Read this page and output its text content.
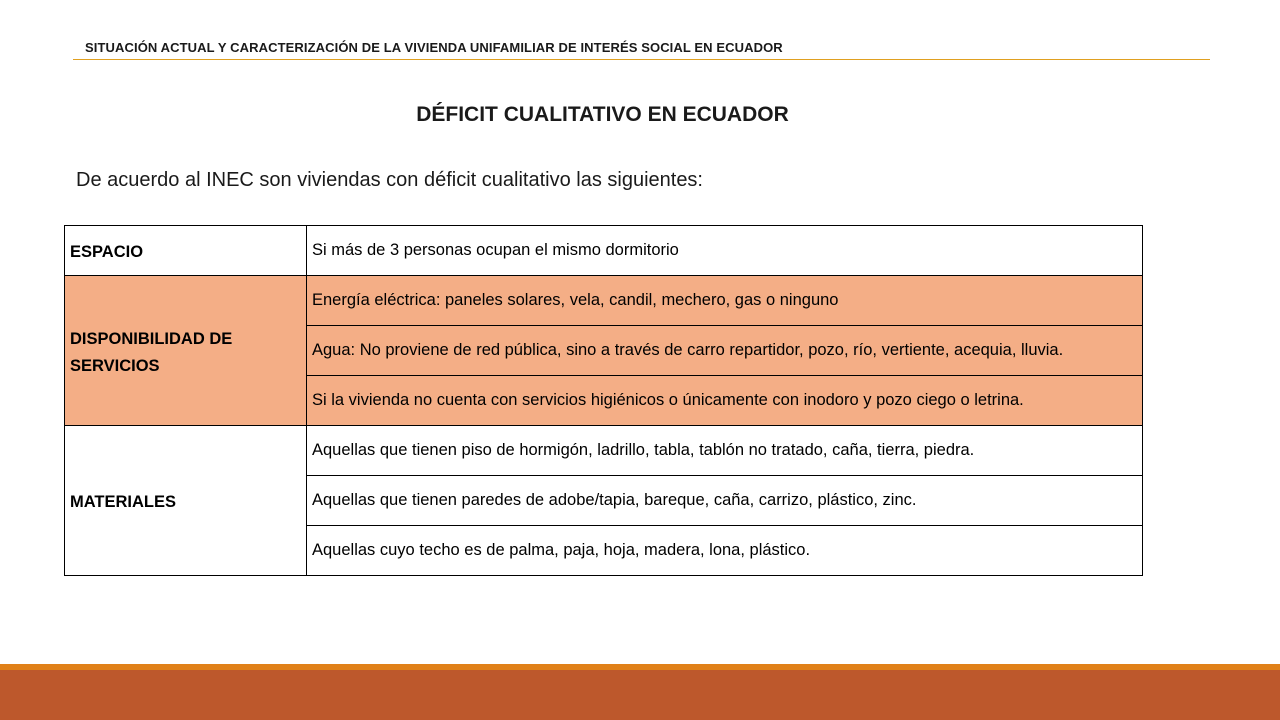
SITUACIÓN ACTUAL Y CARACTERIZACIÓN DE LA VIVIENDA UNIFAMILIAR DE INTERÉS SOCIAL EN ECUADOR
DÉFICIT CUALITATIVO EN ECUADOR
De acuerdo al INEC son viviendas con déficit cualitativo las siguientes:
ESPACIO	Si más de 3 personas ocupan el mismo dormitorio

DISPONIBILIDAD DE SERVICIOS	Energía eléctrica: paneles solares, vela, candil, mechero, gas o ninguno
	Agua: No proviene de red pública, sino a través de carro repartidor, pozo, río, vertiente, acequia, lluvia.
	Si la vivienda no cuenta con servicios higiénicos o únicamente con inodoro y pozo ciego o letrina.

MATERIALES	Aquellas que tienen piso de hormigón, ladrillo, tabla, tablón no tratado, caña, tierra, piedra.
	Aquellas que tienen paredes de adobe/tapia, bareque, caña, carrizo, plástico, zinc.
	Aquellas cuyo techo es de palma, paja, hoja, madera, lona, plástico.
